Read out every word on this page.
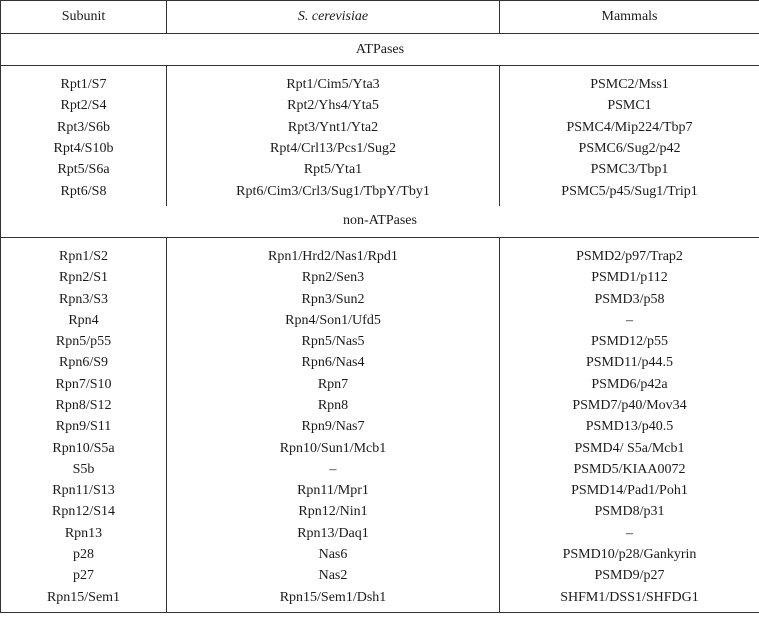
Subunit	S. cerevisiae	Mammals
ATPases		

Rpt1/S7	Rpt1/Cim5/Yta3	PSMC2/Mss1
Rpt2/S4	Rpt2/Yhs4/Yta5	PSMC1
Rpt3/S6b	Rpt3/Ynt1/Yta2	PSMC4/Mip224/Tbp7
Rpt4/S10b	Rpt4/Crl13/Pcs1/Sug2	PSMC6/Sug2/p42
Rpt5/S6a	Rpt5/Yta1	PSMC3/Tbp1
Rpt6/S8	Rpt6/Cim3/Crl3/Sug1/TbpY/Tby1	PSMC5/p45/Sug1/Trip1

non-ATPases		

Rpn1/S2	Rpn1/Hrd2/Nas1/Rpd1	PSMD2/p97/Trap2
Rpn2/S1	Rpn2/Sen3	PSMD1/p112
Rpn3/S3	Rpn3/Sun2	PSMD3/p58
Rpn4	Rpn4/Son1/Ufd5	–
Rpn5/p55	Rpn5/Nas5	PSMD12/p55
Rpn6/S9	Rpn6/Nas4	PSMD11/p44.5
Rpn7/S10	Rpn7	PSMD6/p42a
Rpn8/S12	Rpn8	PSMD7/p40/Mov34
Rpn9/S11	Rpn9/Nas7	PSMD13/p40.5
Rpn10/S5a	Rpn10/Sun1/Mcb1	PSMD4/ S5a/Mcb1
S5b	–	PSMD5/KIAA0072
Rpn11/S13	Rpn11/Mpr1	PSMD14/Pad1/Poh1
Rpn12/S14	Rpn12/Nin1	PSMD8/p31
Rpn13	Rpn13/Daq1	–
p28	Nas6	PSMD10/p28/Gankyrin
p27	Nas2	PSMD9/p27
Rpn15/Sem1	Rpn15/Sem1/Dsh1	SHFM1/DSS1/SHFDG1
